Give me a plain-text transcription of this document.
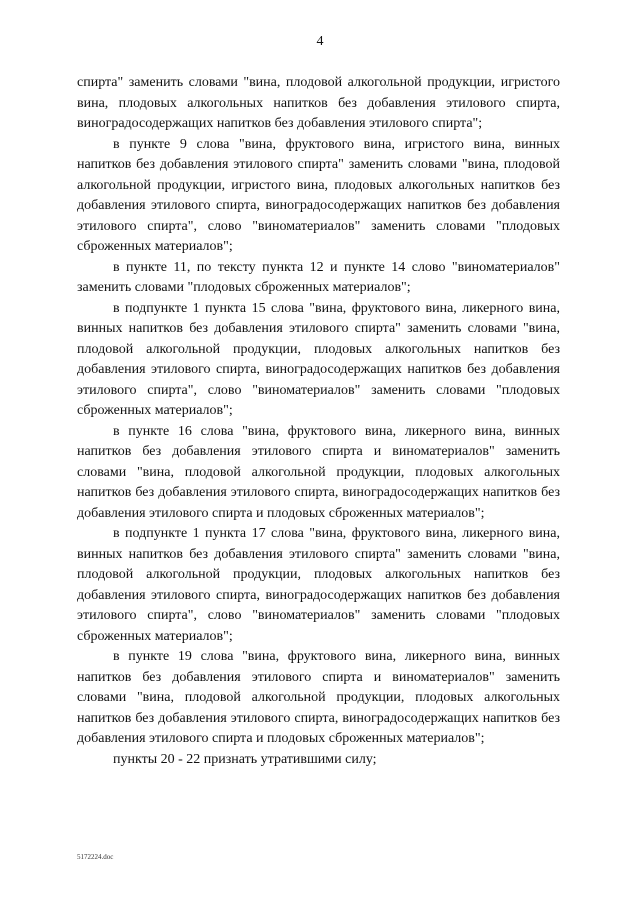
4

спирта" заменить словами "вина, плодовой алкогольной продукции, игристого вина, плодовых алкогольных напитков без добавления этилового спирта, виноградосодержащих напитков без добавления этилового спирта";

в пункте 9 слова "вина, фруктового вина, игристого вина, винных напитков без добавления этилового спирта" заменить словами "вина, плодовой алкогольной продукции, игристого вина, плодовых алкогольных напитков без добавления этилового спирта, виноградосодержащих напитков без добавления этилового спирта", слово "виноматериалов" заменить словами "плодовых сброженных материалов";

в пункте 11, по тексту пункта 12 и пункте 14 слово "виноматериалов" заменить словами "плодовых сброженных материалов";

в подпункте 1 пункта 15 слова "вина, фруктового вина, ликерного вина, винных напитков без добавления этилового спирта" заменить словами "вина, плодовой алкогольной продукции, плодовых алкогольных напитков без добавления этилового спирта, виноградосодержащих напитков без добавления этилового спирта", слово "виноматериалов" заменить словами "плодовых сброженных материалов";

в пункте 16 слова "вина, фруктового вина, ликерного вина, винных напитков без добавления этилового спирта и виноматериалов" заменить словами "вина, плодовой алкогольной продукции, плодовых алкогольных напитков без добавления этилового спирта, виноградосодержащих напитков без добавления этилового спирта и плодовых сброженных материалов";

в подпункте 1 пункта 17 слова "вина, фруктового вина, ликерного вина, винных напитков без добавления этилового спирта" заменить словами "вина, плодовой алкогольной продукции, плодовых алкогольных напитков без добавления этилового спирта, виноградосодержащих напитков без добавления этилового спирта", слово "виноматериалов" заменить словами "плодовых сброженных материалов";

в пункте 19 слова "вина, фруктового вина, ликерного вина, винных напитков без добавления этилового спирта и виноматериалов" заменить словами "вина, плодовой алкогольной продукции, плодовых алкогольных напитков без добавления этилового спирта, виноградосодержащих напитков без добавления этилового спирта и плодовых сброженных материалов";

пункты 20 - 22 признать утратившими силу;

5172224.doc
